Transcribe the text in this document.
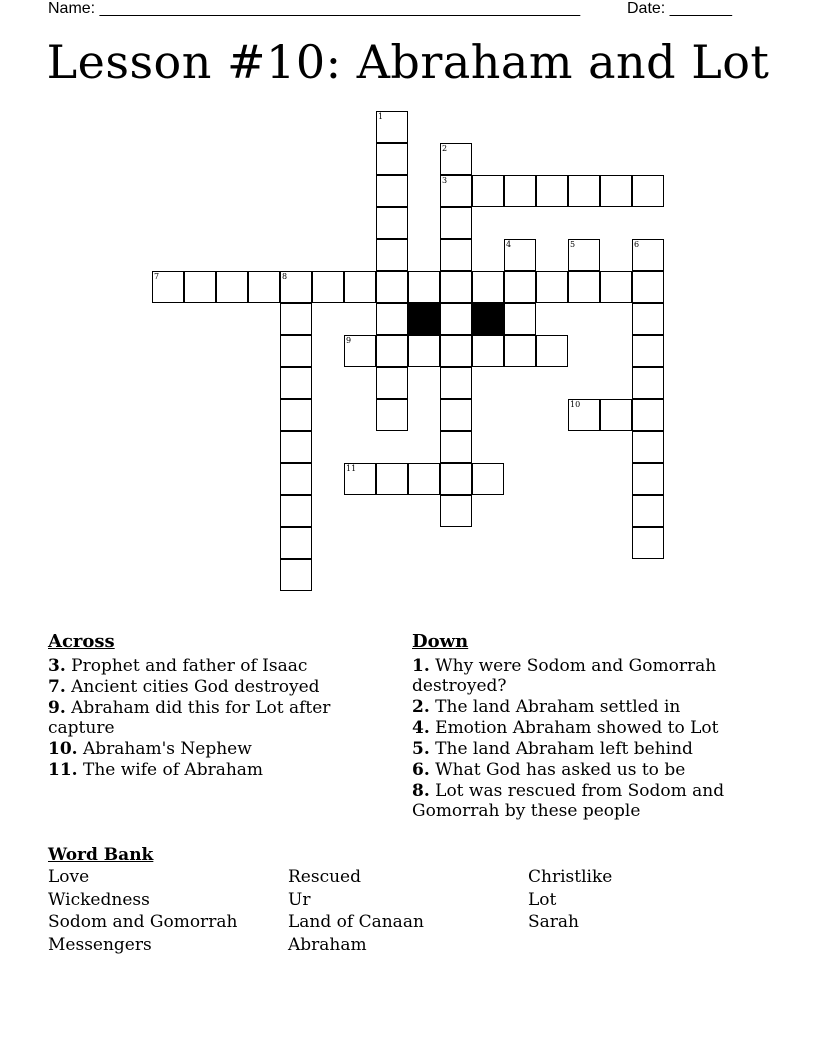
Name: ______________________________________________________	Date: _______
Lesson #10: Abraham and Lot
1
2
3
4	5	6
7	8
9
10
11
Across
3. Prophet and father of Isaac
7. Ancient cities God destroyed
9. Abraham did this for Lot after capture
10. Abraham's Nephew
11. The wife of Abraham
Down
1. Why were Sodom and Gomorrah destroyed?
2. The land Abraham settled in
4. Emotion Abraham showed to Lot
5. The land Abraham left behind
6. What God has asked us to be
8. Lot was rescued from Sodom and Gomorrah by these people
Word Bank
Love	Rescued	Christlike
Wickedness	Ur	Lot
Sodom and Gomorrah	Land of Canaan	Sarah
Messengers	Abraham
